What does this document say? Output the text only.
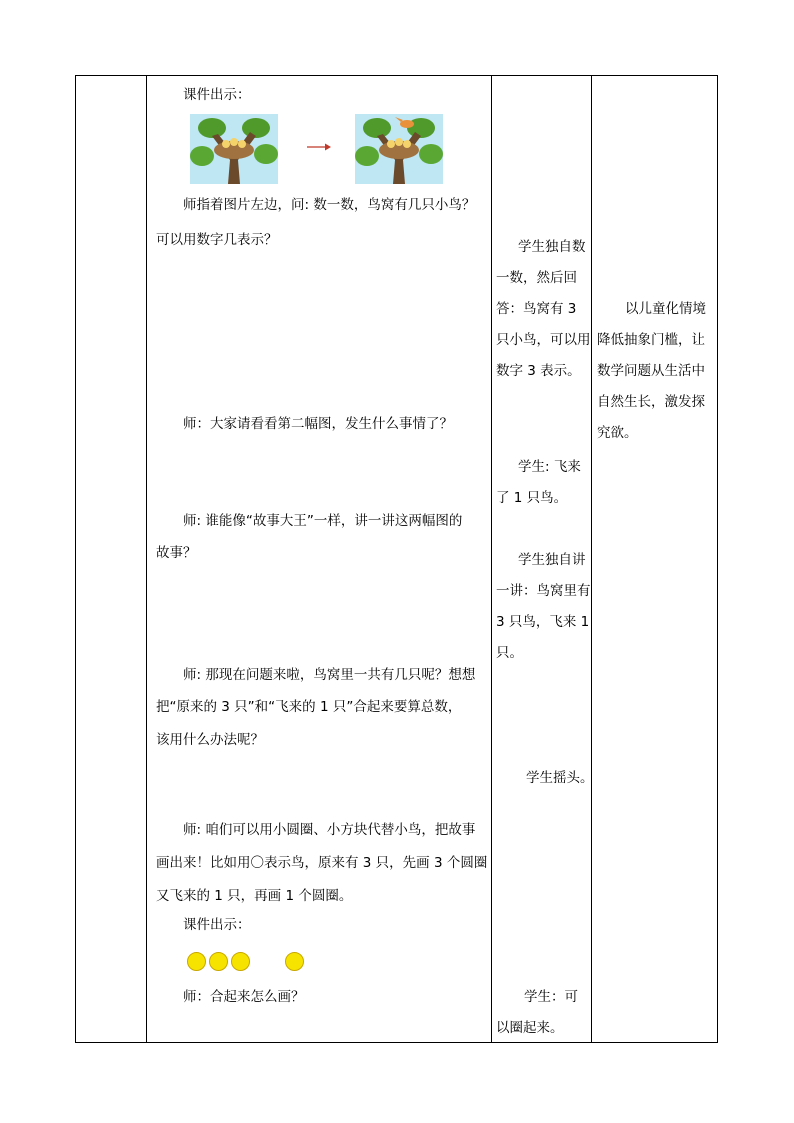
课件出示：
师指着图片左边，问: 数一数，鸟窝有几只小鸟？
可以用数字几表示？
师：大家请看看第二幅图，发生什么事情了？
师: 谁能像“故事大王”一样，讲一讲这两幅图的
故事？
师: 那现在问题来啦，鸟窝里一共有几只呢？想想
把“原来的 3 只”和“飞来的 1 只”合起来要算总数，
该用什么办法呢？
师: 咱们可以用小圆圈、小方块代替小鸟，把故事
画出来！比如用〇表示鸟，原来有 3 只，先画 3 个圆圈
又飞来的 1 只，再画 1 个圆圈。
课件出示：
师：合起来怎么画？
学生独自数一数，然后回答：鸟窝有 3 只小鸟，可以用数字 3 表示。
学生: 飞来了 1 只鸟。
学生独自讲一讲：鸟窝里有 3 只鸟，飞来 1 只。
学生摇头。
学生：可以圈起来。
以儿童化情境降低抽象门槛，让数学问题从生活中自然生长，激发探究欲。
